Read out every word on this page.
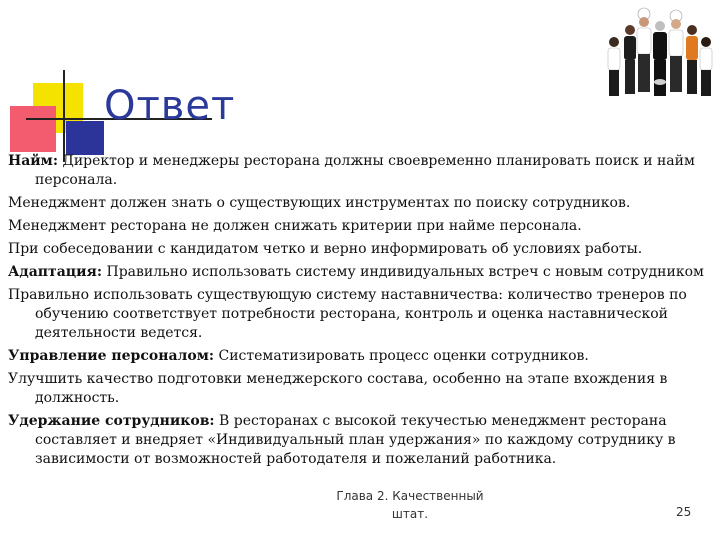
Ответ

Найм: Директор и менеджеры ресторана должны своевременно планировать поиск и найм персонала.

Менеджмент должен знать о существующих инструментах по поиску сотрудников.

Менеджмент ресторана не должен снижать критерии при найме персонала.

При собеседовании с кандидатом четко и верно информировать об условиях работы.

Адаптация: Правильно использовать систему индивидуальных встреч с новым сотрудником

Правильно использовать существующую систему наставничества: количество тренеров по обучению соответствует потребности ресторана, контроль и оценка наставнической деятельности ведется.

Управление персоналом: Систематизировать процесс оценки сотрудников.

Улучшить качество подготовки менеджерского состава, особенно на этапе вхождения в должность.

Удержание сотрудников: В ресторанах с высокой текучестью менеджмент ресторана составляет и внедряет «Индивидуальный план удержания» по каждому сотруднику в зависимости от возможностей работодателя и пожеланий работника.

Глава 2. Качественный
штат.	25
